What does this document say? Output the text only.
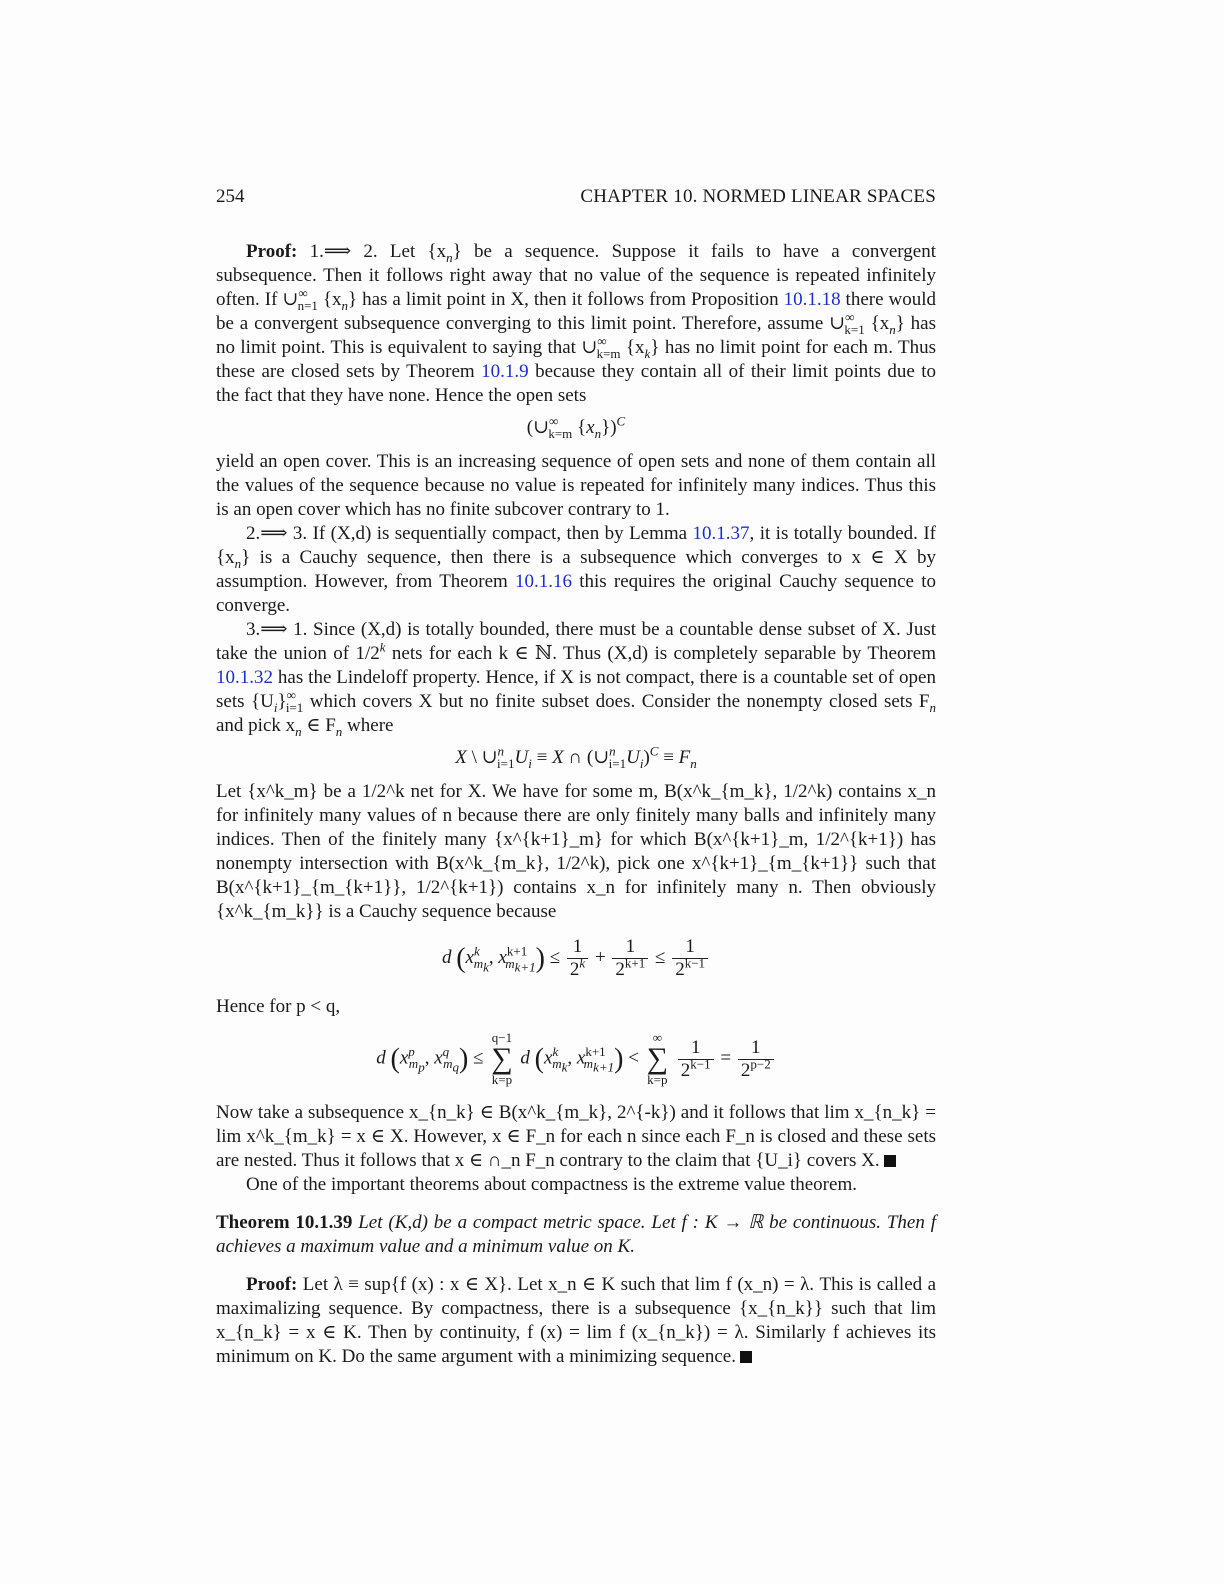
254	CHAPTER 10. NORMED LINEAR SPACES

Proof: 1.⟹ 2. Let $\{x_n\}$ be a sequence. Suppose it fails to have a convergent subsequence. Then it follows right away that no value of the sequence is repeated infinitely often. If $\cup^\infty_{n=1}$ $\{x_n\}$ has a limit point in X, then it follows from Proposition 10.1.18 there would be a convergent subsequence converging to this limit point. Therefore, assume $\cup^\infty_{k=1}$ $\{x_n\}$ has no limit point. This is equivalent to saying that $\cup^\infty_{k=m}$ $\{x_k\}$ has no limit point for each m. Thus these are closed sets by Theorem 10.1.9 because they contain all of their limit points due to the fact that they have none. Hence the open sets

($\cup^\infty_{k=m}$ $\{x_n\})^C$

yield an open cover. This is an increasing sequence of open sets and none of them contain all the values of the sequence because no value is repeated for infinitely many indices. Thus this is an open cover which has no finite subcover contrary to 1.

2.⟹ 3. If (X,d) is sequentially compact, then by Lemma 10.1.37, it is totally bounded. If $\{x_n\}$ is a Cauchy sequence, then there is a subsequence which converges to x ∈ X by assumption. However, from Theorem 10.1.16 this requires the original Cauchy sequence to converge.

3.⟹ 1. Since (X,d) is totally bounded, there must be a countable dense subset of X. Just take the union of 1/2$^k$ nets for each k ∈ ℕ. Thus (X,d) is completely separable by Theorem 10.1.32 has the Lindeloff property. Hence, if X is not compact, there is a countable set of open sets $\{U_i\}^\infty_{i=1}$ which covers X but no finite subset does. Consider the nonempty closed sets $F_n$ and pick $x_n$ ∈ $F_n$ where

X \ $\cup^n_{i=1}U_i \equiv X$ ∩ $(\cup^n_{i=1}U_i)^C \equiv F_n$

Let {x^k_m} be a 1/2^k net for X. We have for some m, B(x^k_{m_k}, 1/2^k) contains x_n for infinitely many values of n because there are only finitely many balls and infinitely many indices. Then of the finitely many {x^{k+1}_m} for which B(x^{k+1}_m, 1/2^{k+1}) has nonempty intersection with B(x^k_{m_k}, 1/2^k), pick one x^{k+1}_{m_{k+1}} such that B(x^{k+1}_{m_{k+1}}, 1/2^{k+1}) contains x_n for infinitely many n. Then obviously {x^k_{m_k}} is a Cauchy sequence because

d ($x^k_{m_k}$, $x^{k+1}_{m_{k+1}}) \le \frac{1}{2^k} + \frac{1}{2^{k+1}} \le \frac{1}{2^{k-1}}$

Hence for p < q,

d ($x^p_{m_p}$, $x^q_{m_q}) \le q-1$
∑
k=p d ($x^k_{m_k}$, $x^{k+1}_{m_{k+1}}$) < ∞
∑
$k=p \frac{1}{2^{k-1}} = \frac{1}{2^{p-2}}$

Now take a subsequence x_{n_k} ∈ B(x^k_{m_k}, 2^{-k}) and it follows that lim x_{n_k} = lim x^k_{m_k} = x ∈ X. However, x ∈ F_n for each n since each F_n is closed and these sets are nested. Thus it follows that x ∈ ∩_n F_n contrary to the claim that {U_i} covers X.

One of the important theorems about compactness is the extreme value theorem.

Theorem 10.1.39 Let (K,d) be a compact metric space. Let f : K → ℝ be continuous. Then f achieves a maximum value and a minimum value on K.

Proof: Let λ ≡ sup{f (x) : x ∈ X}. Let x_n ∈ K such that lim f (x_n) = λ. This is called a maximalizing sequence. By compactness, there is a subsequence {x_{n_k}} such that lim x_{n_k} = x ∈ K. Then by continuity, f (x) = lim f (x_{n_k}) = λ. Similarly f achieves its minimum on K. Do the same argument with a minimizing sequence.
